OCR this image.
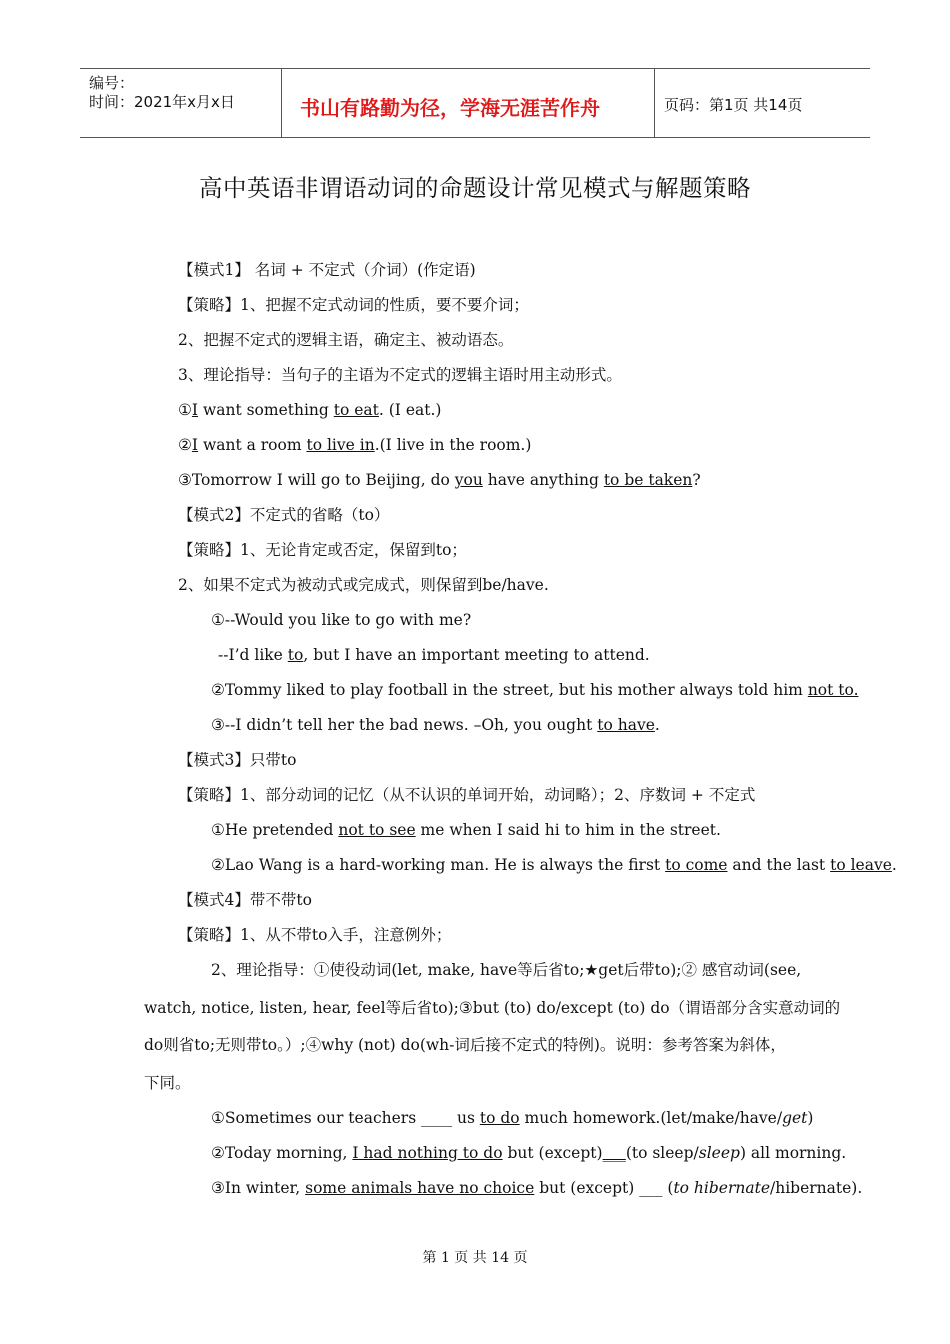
编号：
时间：2021年x月x日	书山有路勤为径，学海无涯苦作舟	页码：第1页 共14页
高中英语非谓语动词的命题设计常见模式与解题策略
【模式1】 名词 + 不定式（介词）(作定语)
【策略】1、把握不定式动词的性质，要不要介词；
2、把握不定式的逻辑主语，确定主、被动语态。
3、理论指导：当句子的主语为不定式的逻辑主语时用主动形式。
①I want something to eat. (I eat.)
②I want a room to live in.(I live in the room.)
③Tomorrow I will go to Beijing, do you have anything to be taken?
【模式2】不定式的省略（to）
【策略】1、无论肯定或否定，保留到to；
2、如果不定式为被动式或完成式，则保留到be/have.
①--Would you like to go with me?
--I’d like to, but I have an important meeting to attend.
②Tommy liked to play football in the street, but his mother always told him not to.
③--I didn’t tell her the bad news. –Oh, you ought to have.
【模式3】只带to
【策略】1、部分动词的记忆（从不认识的单词开始，动词略）；2、序数词 + 不定式
①He pretended not to see me when I said hi to him in the street.
②Lao Wang is a hard-working man. He is always the first to come and the last to leave.
【模式4】带不带to
【策略】1、从不带to入手，注意例外；
2、理论指导：①使役动词(let, make, have等后省to;★get后带to);② 感官动词(see,
watch, notice, listen, hear, feel等后省to);③but (to) do/except (to) do（谓语部分含实意动词的
do则省to;无则带to。）;④why (not) do(wh-词后接不定式的特例)。说明：参考答案为斜体，
下同。
①Sometimes our teachers ____ us to do much homework.(let/make/have/get)
②Today morning, I had nothing to do but (except)___(to sleep/sleep) all morning.
③In winter, some animals have no choice but (except) ___ (to hibernate/hibernate).
第 1 页 共 14 页
